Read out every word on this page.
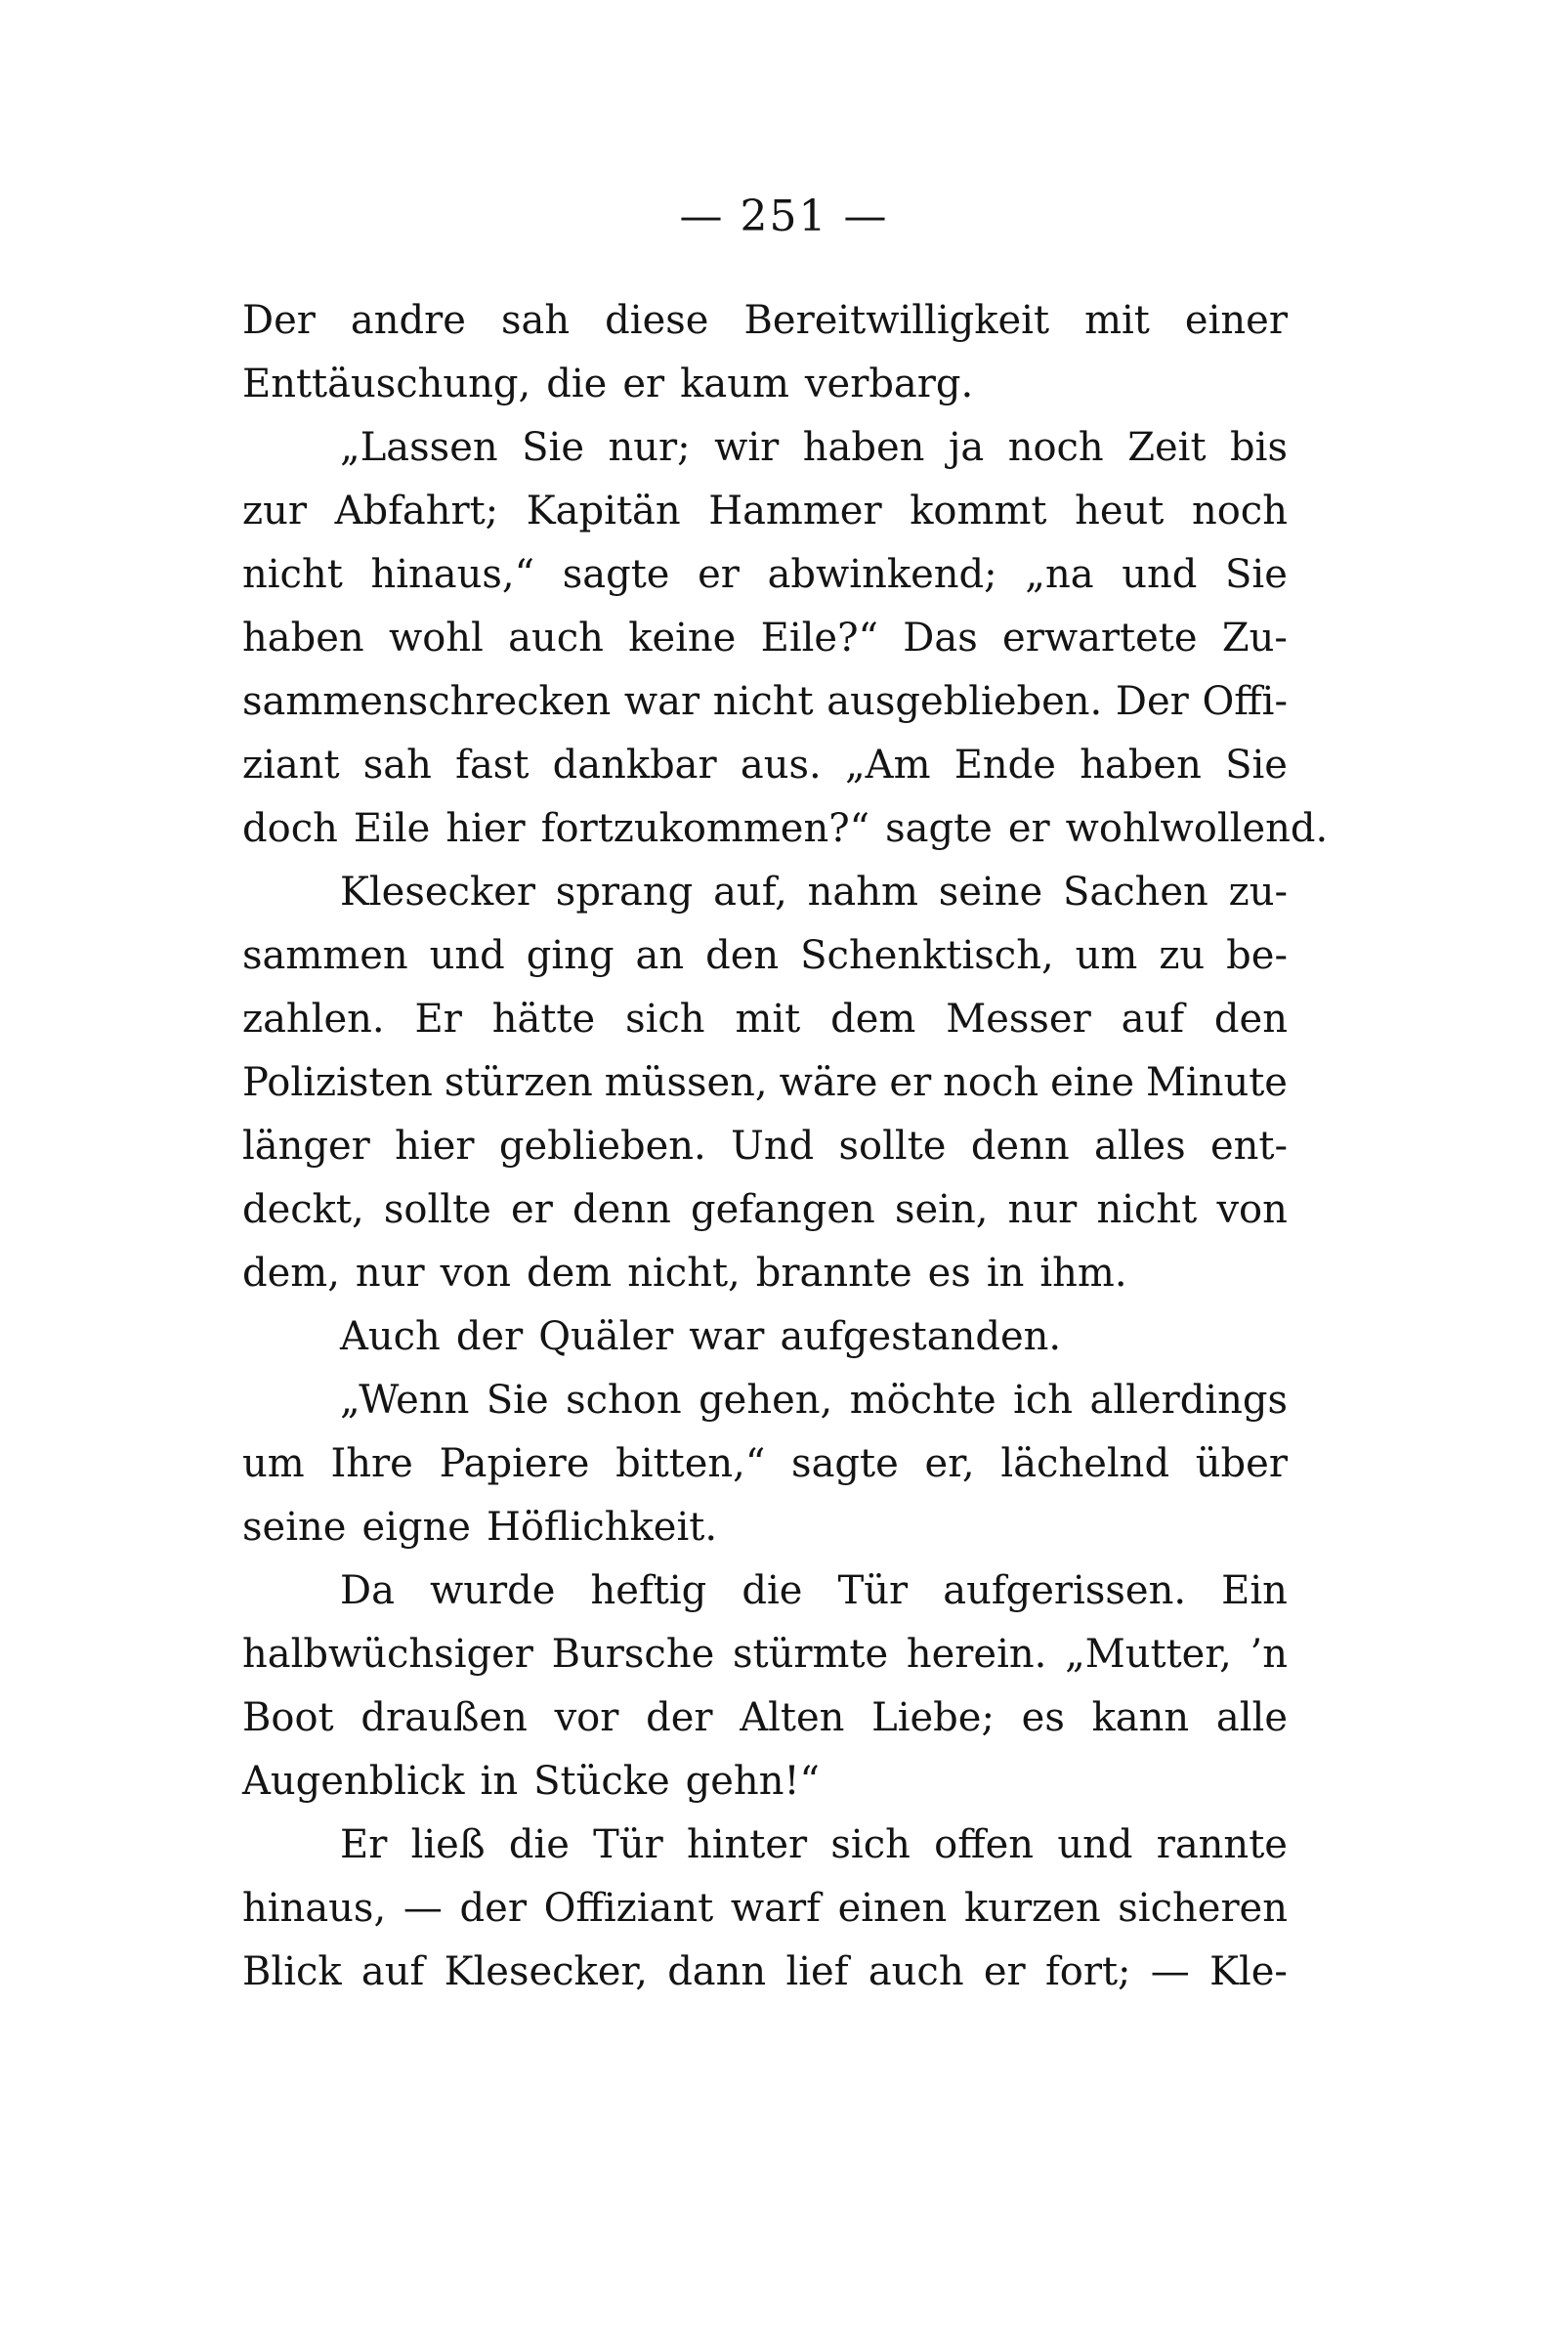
— 251 —
Der andre sah diese Bereitwilligkeit mit einer
Enttäuschung, die er kaum verbarg.
„Lassen Sie nur; wir haben ja noch Zeit bis
zur Abfahrt; Kapitän Hammer kommt heut noch
nicht hinaus,“ sagte er abwinkend; „na und Sie
haben wohl auch keine Eile?“ Das erwartete Zu-
sammenschrecken war nicht ausgeblieben. Der Offi-
ziant sah fast dankbar aus. „Am Ende haben Sie
doch Eile hier fortzukommen?“ sagte er wohlwollend.
Klesecker sprang auf, nahm seine Sachen zu-
sammen und ging an den Schenktisch, um zu be-
zahlen. Er hätte sich mit dem Messer auf den
Polizisten stürzen müssen, wäre er noch eine Minute
länger hier geblieben. Und sollte denn alles ent-
deckt, sollte er denn gefangen sein, nur nicht von
dem, nur von dem nicht, brannte es in ihm.
Auch der Quäler war aufgestanden.
„Wenn Sie schon gehen, möchte ich allerdings
um Ihre Papiere bitten,“ sagte er, lächelnd über
seine eigne Höflichkeit.
Da wurde heftig die Tür aufgerissen. Ein
halbwüchsiger Bursche stürmte herein. „Mutter, ’n
Boot draußen vor der Alten Liebe; es kann alle
Augenblick in Stücke gehn!“
Er ließ die Tür hinter sich offen und rannte
hinaus, — der Offiziant warf einen kurzen sicheren
Blick auf Klesecker, dann lief auch er fort; — Kle-
